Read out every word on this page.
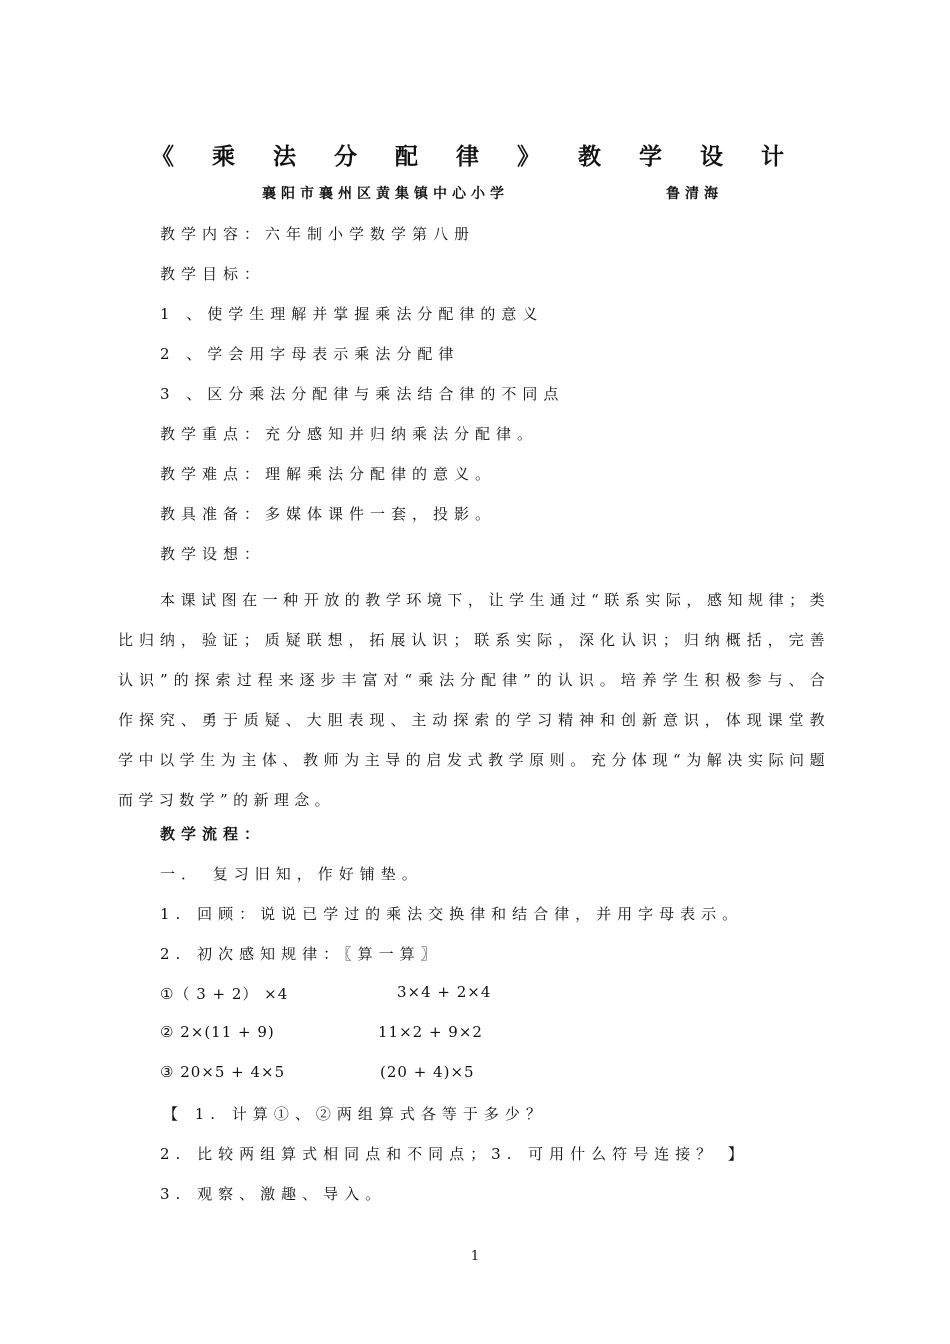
《 乘 法 分 配 律 》 教 学 设 计
襄阳市襄州区黄集镇中心小学	鲁清海
教学内容：六年制小学数学第八册
教学目标：
1 、使学生理解并掌握乘法分配律的意义
2 、学会用字母表示乘法分配律
3 、区分乘法分配律与乘法结合律的不同点
教学重点：充分感知并归纳乘法分配律。
教学难点：理解乘法分配律的意义。
教具准备：多媒体课件一套，投影。
教学设想：
本课试图在一种开放的教学环境下，让学生通过“联系实际，感知规律；类比归纳，验证；质疑联想，拓展认识；联系实际，深化认识；归纳概括，完善认识”的探索过程来逐步丰富对“乘法分配律”的认识。培养学生积极参与、合作探究、勇于质疑、大胆表现、主动探索的学习精神和创新意识，体现课堂教学中以学生为主体、教师为主导的启发式教学原则。充分体现“为解决实际问题而学习数学”的新理念。
教学流程：
一． 复习旧知，作好铺垫。
1. 回顾：说说已学过的乘法交换律和结合律，并用字母表示。
2. 初次感知规律：〖算一算〗
①（ 3 + 2） ×4	3×4 + 2×4
② 2×(11 + 9)	11×2 + 9×2
③ 20×5 + 4×5	(20 + 4)×5
【 1. 计算①、②两组算式各等于多少？
2. 比较两组算式相同点和不同点；3. 可用什么符号连接？ 】
3. 观察、激趣、导入。
1
